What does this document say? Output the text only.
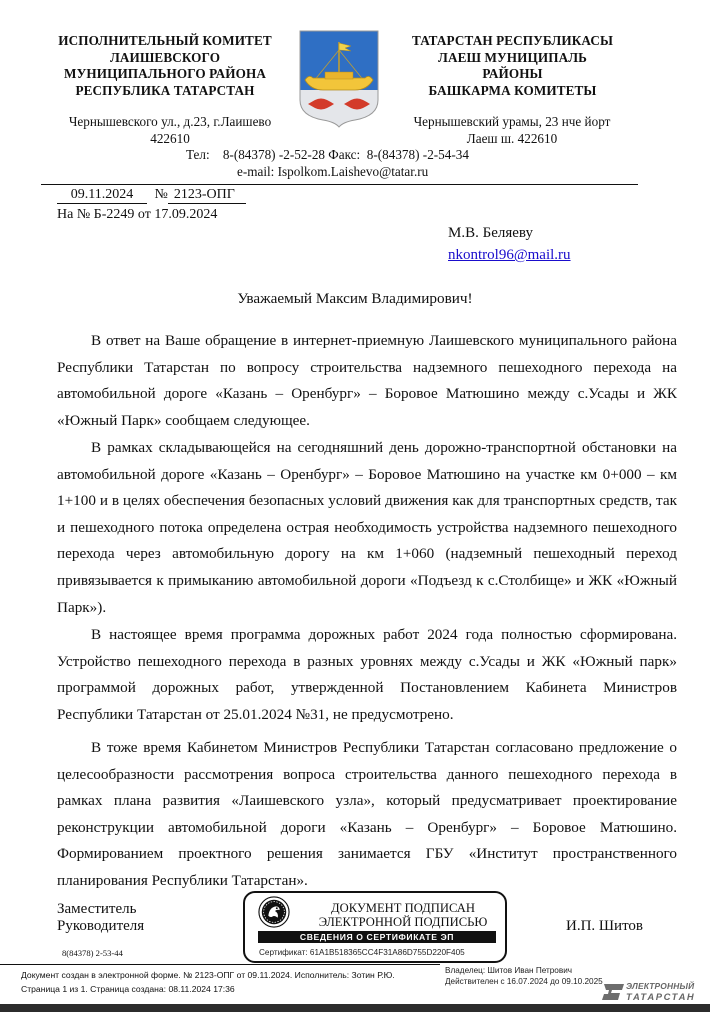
ИСПОЛНИТЕЛЬНЫЙ КОМИТЕТ
ЛАИШЕВСКОГО
МУНИЦИПАЛЬНОГО РАЙОНА
РЕСПУБЛИКА ТАТАРСТАН
ТАТАРСТАН РЕСПУБЛИКАСЫ
ЛАЕШ МУНИЦИПАЛЬ
РАЙОНЫ
БАШКАРМА КОМИТЕТЫ
Чернышевского ул., д.23, г.Лаишево
422610
Чернышевский урамы, 23 нче йорт
Лаеш ш. 422610
Тел:    8-(84378) -2-52-28 Факс:  8-(84378) -2-54-34
e-mail: Ispolkom.Laishevo@tatar.ru
09.11.2024 № 2123-ОПГ
На № Б-2249 от 17.09.2024
М.В. Беляеву
nkontrol96@mail.ru
Уважаемый Максим Владимирович!

В ответ на Ваше обращение в интернет-приемную Лаишевского муниципального района Республики Татарстан по вопросу строительства надземного пешеходного перехода на автомобильной дороге «Казань – Оренбург» – Боровое Матюшино между с.Усады и ЖК «Южный Парк» сообщаем следующее.

В рамках складывающейся на сегодняшний день дорожно-транспортной обстановки на автомобильной дороге «Казань – Оренбург» – Боровое Матюшино на участке км 0+000 – км 1+100 и в целях обеспечения безопасных условий движения как для транспортных средств, так и пешеходного потока определена острая необходимость устройства надземного пешеходного перехода через автомобильную дорогу на км 1+060 (надземный пешеходный переход привязывается к примыканию автомобильной дороги «Подъезд к с.Столбище» и ЖК «Южный Парк»).

В настоящее время программа дорожных работ 2024 года полностью сформирована. Устройство пешеходного перехода в разных уровнях между с.Усады и ЖК «Южный парк» программой дорожных работ, утвержденной Постановлением Кабинета Министров Республики Татарстан от 25.01.2024 №31, не предусмотрено.

В тоже время Кабинетом Министров Республики Татарстан согласовано предложение о целесообразности рассмотрения вопроса строительства данного пешеходного перехода в рамках плана развития «Лаишевского узла», который предусматривает проектирование реконструкции автомобильной дороги «Казань – Оренбург» – Боровое Матюшино. Формированием проектного решения занимается ГБУ «Институт пространственного планирования Республики Татарстан».

Заместитель
Руководителя	И.П. Шитов
8(84378) 2-53-44
ДОКУМЕНТ ПОДПИСАН
ЭЛЕКТРОННОЙ ПОДПИСЬЮ
СВЕДЕНИЯ О СЕРТИФИКАТЕ ЭП
Сертификат: 61A1B518365CC4F31A86D755D220F405
Владелец: Шитов Иван Петрович
Действителен с 16.07.2024 до 09.10.2025
Документ создан в электронной форме. № 2123-ОПГ от 09.11.2024. Исполнитель: Зотин Р.Ю.
Страница 1 из 1. Страница создана: 08.11.2024 17:36	ЭЛЕКТРОННЫЙ
ТАТАРСТАН
